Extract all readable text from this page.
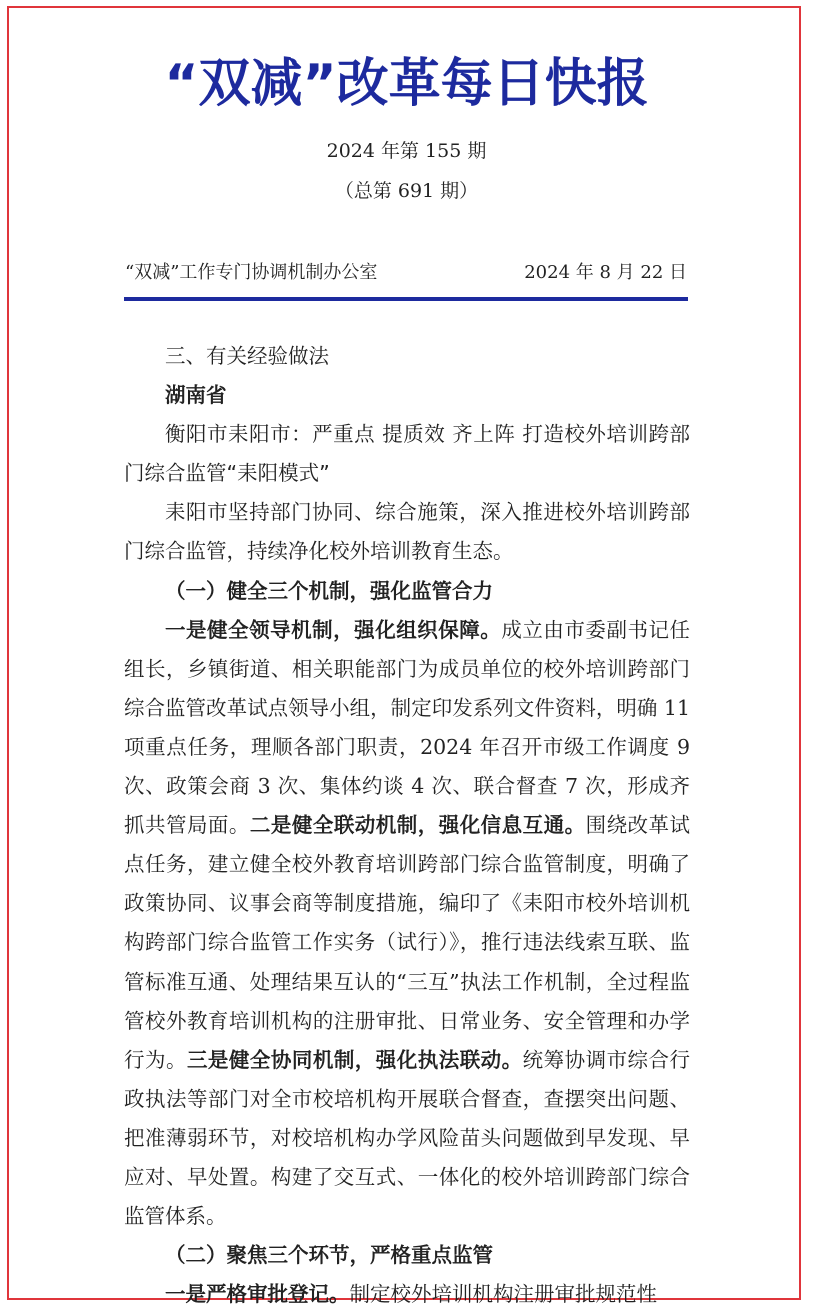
“双减”改革每日快报
2024 年第 155 期
（总第 691 期）
“双减”工作专门协调机制办公室	2024 年 8 月 22 日

三、有关经验做法

湖南省

衡阳市耒阳市：严重点 提质效 齐上阵 打造校外培训跨部门综合监管“耒阳模式”

耒阳市坚持部门协同、综合施策，深入推进校外培训跨部门综合监管，持续净化校外培训教育生态。

（一）健全三个机制，强化监管合力

一是健全领导机制，强化组织保障。成立由市委副书记任组长，乡镇街道、相关职能部门为成员单位的校外培训跨部门综合监管改革试点领导小组，制定印发系列文件资料，明确 11 项重点任务，理顺各部门职责，2024 年召开市级工作调度 9 次、政策会商 3 次、集体约谈 4 次、联合督查 7 次，形成齐抓共管局面。二是健全联动机制，强化信息互通。围绕改革试点任务，建立健全校外教育培训跨部门综合监管制度，明确了政策协同、议事会商等制度措施，编印了《耒阳市校外培训机构跨部门综合监管工作实务（试行）》，推行违法线索互联、监管标准互通、处理结果互认的“三互”执法工作机制，全过程监管校外教育培训机构的注册审批、日常业务、安全管理和办学行为。三是健全协同机制，强化执法联动。统筹协调市综合行政执法等部门对全市校培机构开展联合督查，查摆突出问题、把准薄弱环节，对校培机构办学风险苗头问题做到早发现、早应对、早处置。构建了交互式、一体化的校外培训跨部门综合监管体系。

（二）聚焦三个环节，严格重点监管

一是严格审批登记。制定校外培训机构注册审批规范性
